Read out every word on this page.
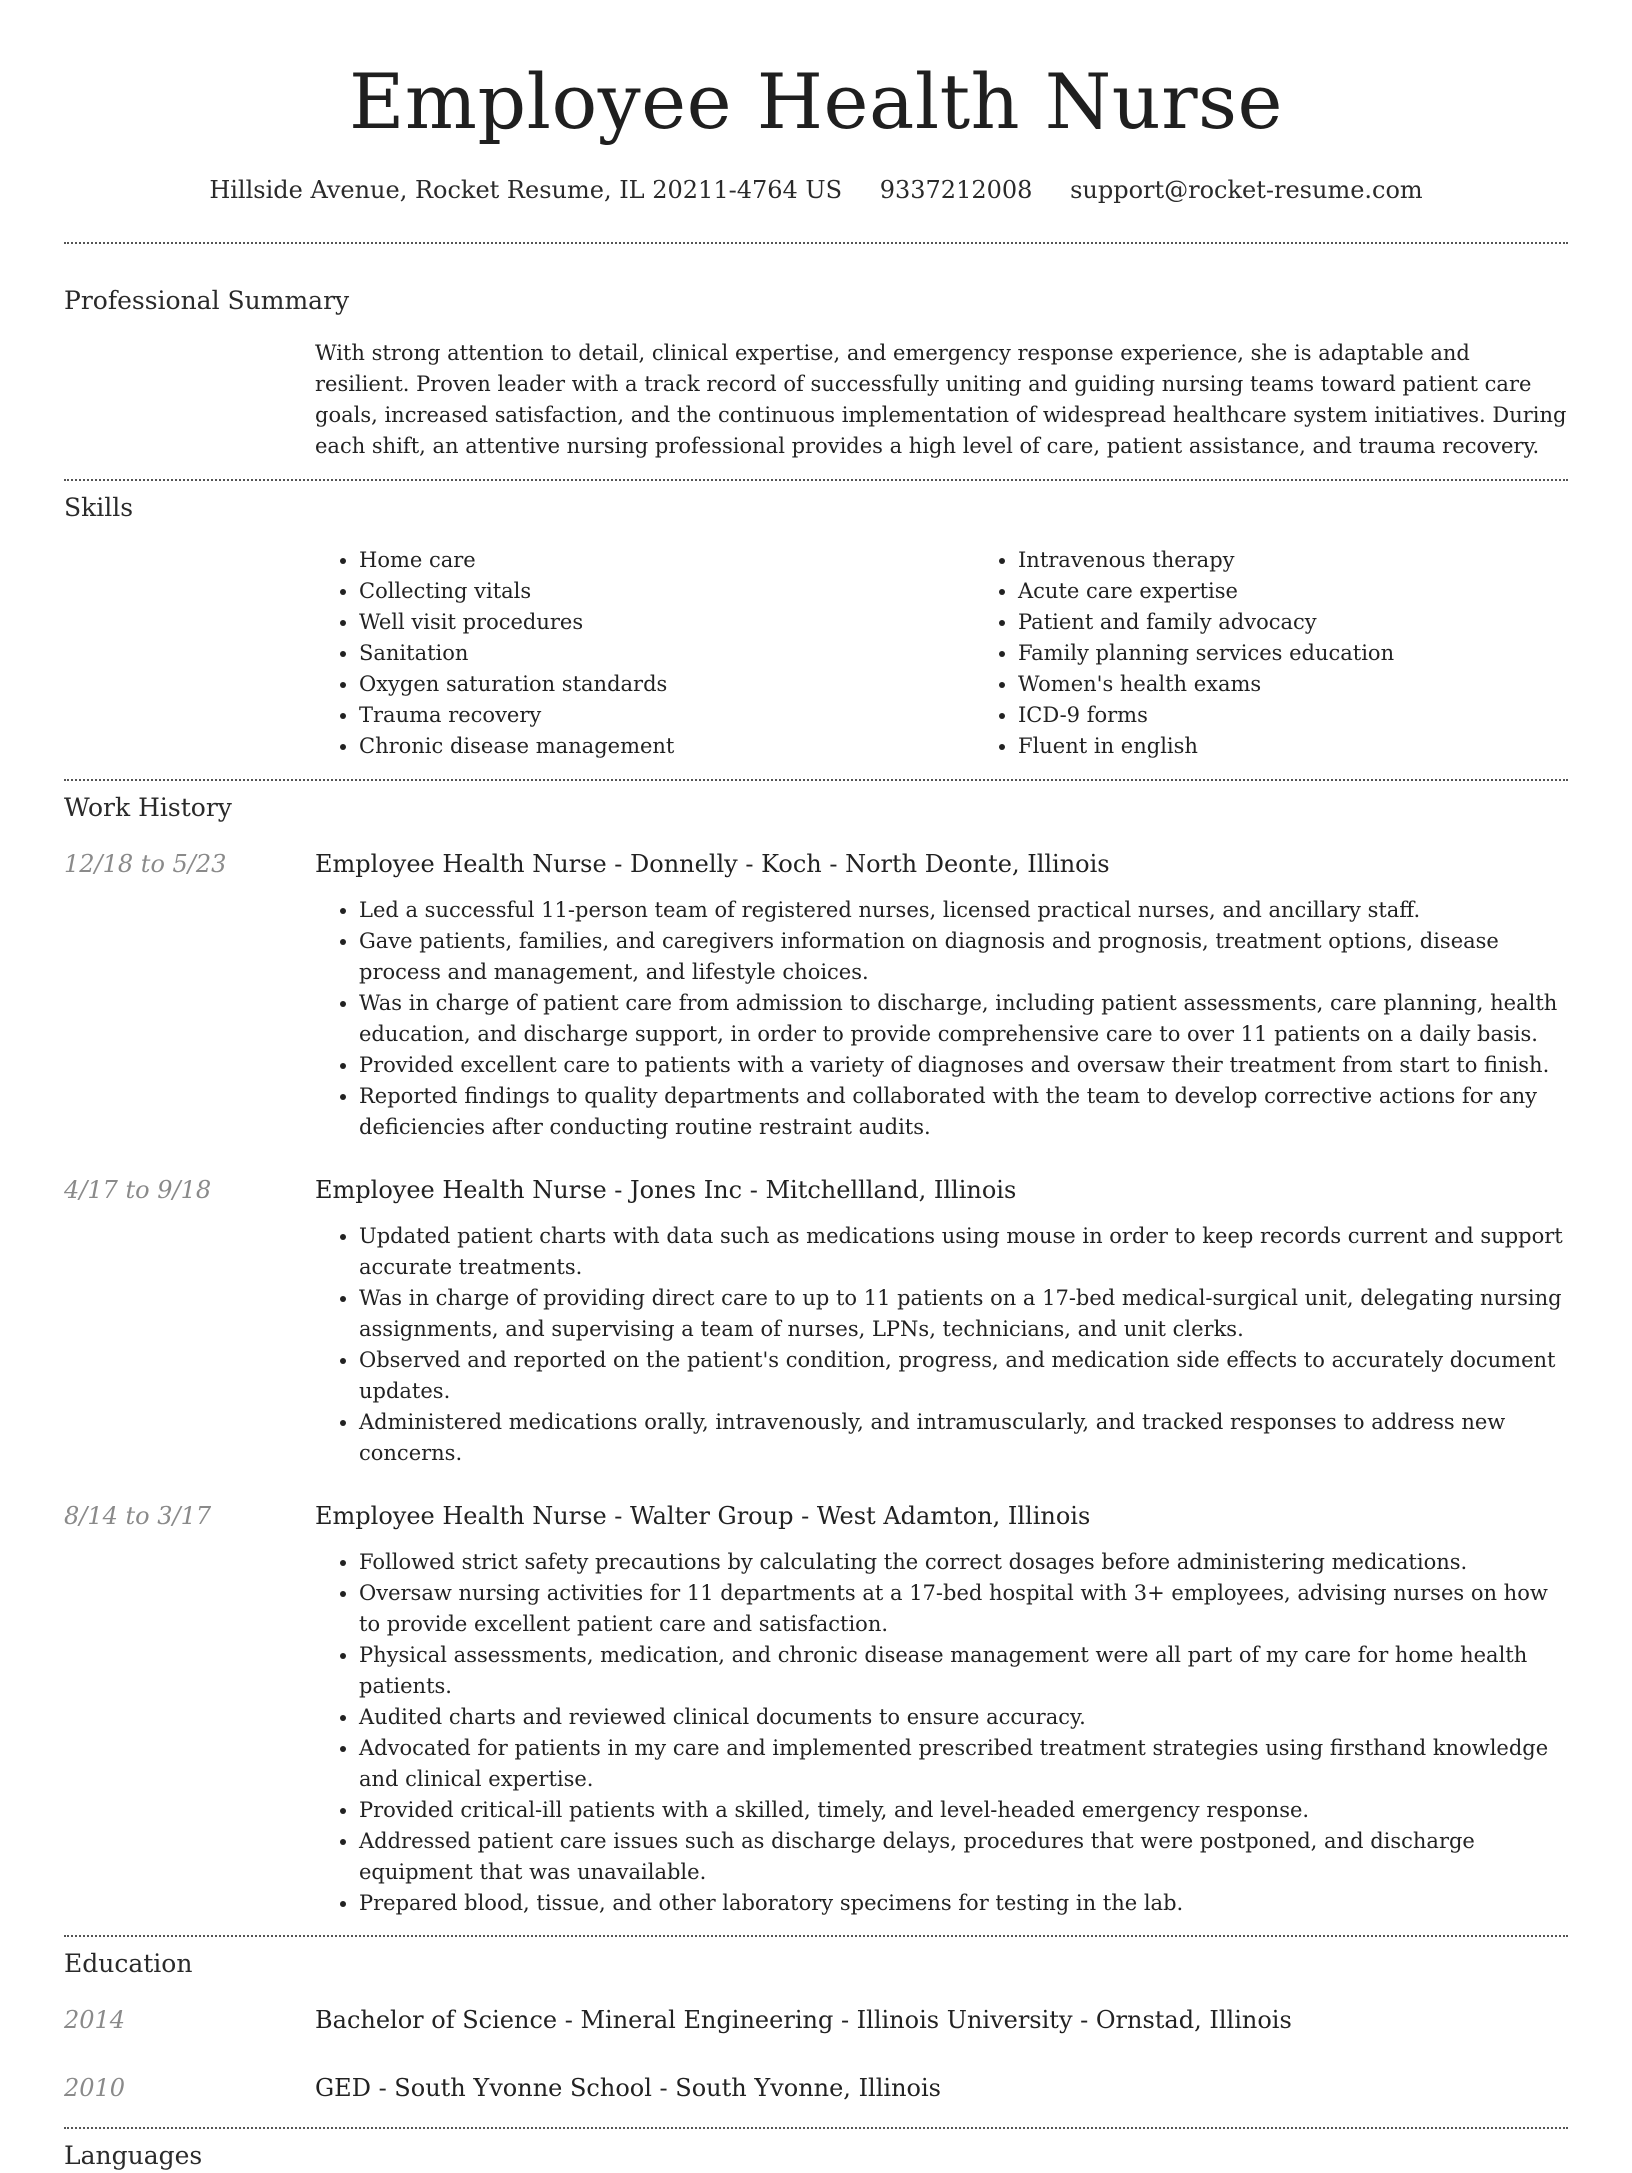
Employee Health Nurse
Hillside Avenue, Rocket Resume, IL 20211-4764 US 9337212008 support@rocket-resume.com
Professional Summary

With strong attention to detail, clinical expertise, and emergency response experience, she is adaptable and resilient. Proven leader with a track record of successfully uniting and guiding nursing teams toward patient care goals, increased satisfaction, and the continuous implementation of widespread healthcare system initiatives. During each shift, an attentive nursing professional provides a high level of care, patient assistance, and trauma recovery.

Skills
• Home care
• Collecting vitals
• Well visit procedures
• Sanitation
• Oxygen saturation standards
• Trauma recovery
• Chronic disease management
• Intravenous therapy
• Acute care expertise
• Patient and family advocacy
• Family planning services education
• Women's health exams
• ICD-9 forms
• Fluent in english
Work History
12/18 to 5/23	Employee Health Nurse - Donnelly - Koch - North Deonte, Illinois
• Led a successful 11-person team of registered nurses, licensed practical nurses, and ancillary staff.
• Gave patients, families, and caregivers information on diagnosis and prognosis, treatment options, disease process and management, and lifestyle choices.
• Was in charge of patient care from admission to discharge, including patient assessments, care planning, health education, and discharge support, in order to provide comprehensive care to over 11 patients on a daily basis.
• Provided excellent care to patients with a variety of diagnoses and oversaw their treatment from start to finish.
• Reported findings to quality departments and collaborated with the team to develop corrective actions for any deficiencies after conducting routine restraint audits.
4/17 to 9/18	Employee Health Nurse - Jones Inc - Mitchellland, Illinois
• Updated patient charts with data such as medications using mouse in order to keep records current and support accurate treatments.
• Was in charge of providing direct care to up to 11 patients on a 17-bed medical-surgical unit, delegating nursing assignments, and supervising a team of nurses, LPNs, technicians, and unit clerks.
• Observed and reported on the patient's condition, progress, and medication side effects to accurately document updates.
• Administered medications orally, intravenously, and intramuscularly, and tracked responses to address new concerns.
8/14 to 3/17	Employee Health Nurse - Walter Group - West Adamton, Illinois
• Followed strict safety precautions by calculating the correct dosages before administering medications.
• Oversaw nursing activities for 11 departments at a 17-bed hospital with 3+ employees, advising nurses on how to provide excellent patient care and satisfaction.
• Physical assessments, medication, and chronic disease management were all part of my care for home health patients.
• Audited charts and reviewed clinical documents to ensure accuracy.
• Advocated for patients in my care and implemented prescribed treatment strategies using firsthand knowledge and clinical expertise.
• Provided critical-ill patients with a skilled, timely, and level-headed emergency response.
• Addressed patient care issues such as discharge delays, procedures that were postponed, and discharge equipment that was unavailable.
• Prepared blood, tissue, and other laboratory specimens for testing in the lab.
Education
2014	Bachelor of Science - Mineral Engineering - Illinois University - Ornstad, Illinois
2010	GED - South Yvonne School - South Yvonne, Illinois
Languages
